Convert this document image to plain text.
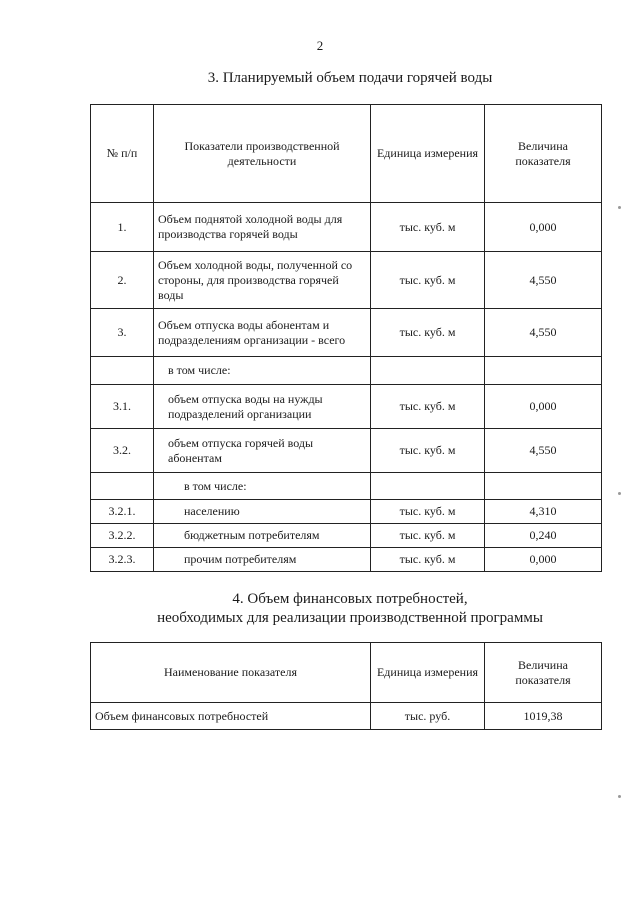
2
3. Планируемый объем подачи горячей воды
№ п/п	Показатели производственной деятельности	Единица измерения	Величина показателя
1.	Объем поднятой холодной воды для производства горячей воды	тыс. куб. м	0,000
2.	Объем холодной воды, полученной со стороны, для производства горячей воды	тыс. куб. м	4,550
3.	Объем отпуска воды абонентам и подразделениям организации - всего	тыс. куб. м	4,550
	в том числе:		
3.1.	объем отпуска воды на нужды подразделений организации	тыс. куб. м	0,000
3.2.	объем отпуска горячей воды абонентам	тыс. куб. м	4,550
	в том числе:		
3.2.1.	населению	тыс. куб. м	4,310
3.2.2.	бюджетным потребителям	тыс. куб. м	0,240
3.2.3.	прочим потребителям	тыс. куб. м	0,000
4. Объем финансовых потребностей,
необходимых для реализации производственной программы
Наименование показателя	Единица измерения	Величина показателя
Объем финансовых потребностей	тыс. руб.	1019,38
